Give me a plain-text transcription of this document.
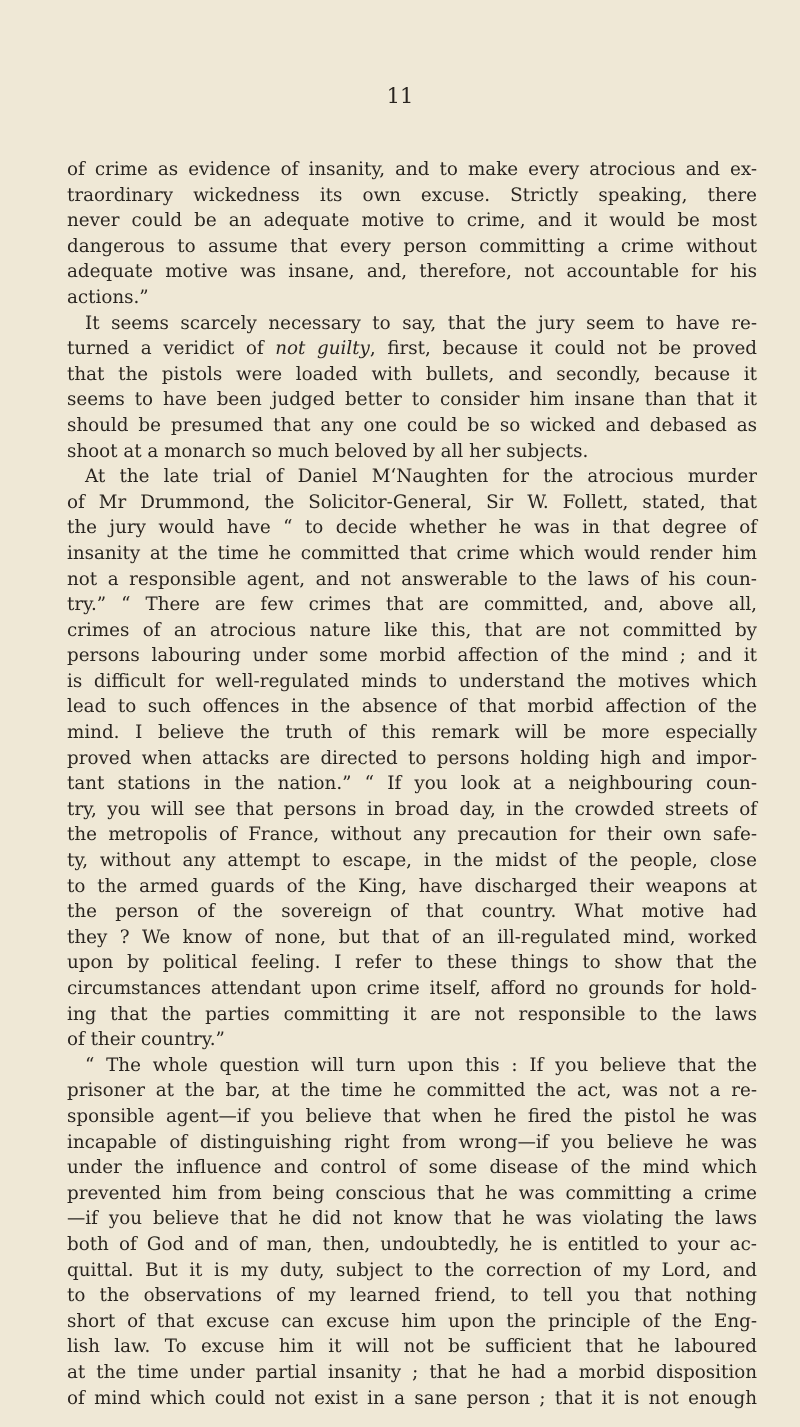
11
of crime as evidence of insanity, and to make every atrocious and ex-
traordinary wickedness its own excuse. Strictly speaking, there
never could be an adequate motive to crime, and it would be most
dangerous to assume that every person committing a crime without
adequate motive was insane, and, therefore, not accountable for his
actions.”
It seems scarcely necessary to say, that the jury seem to have re-
turned a veridict of not guilty, first, because it could not be proved
that the pistols were loaded with bullets, and secondly, because it
seems to have been judged better to consider him insane than that it
should be presumed that any one could be so wicked and debased as
shoot at a monarch so much beloved by all her subjects.
At the late trial of Daniel M‘Naughten for the atrocious murder
of Mr Drummond, the Solicitor-General, Sir W. Follett, stated, that
the jury would have “ to decide whether he was in that degree of
insanity at the time he committed that crime which would render him
not a responsible agent, and not answerable to the laws of his coun-
try.” “ There are few crimes that are committed, and, above all,
crimes of an atrocious nature like this, that are not committed by
persons labouring under some morbid affection of the mind ; and it
is difficult for well-regulated minds to understand the motives which
lead to such offences in the absence of that morbid affection of the
mind. I believe the truth of this remark will be more especially
proved when attacks are directed to persons holding high and impor-
tant stations in the nation.” “ If you look at a neighbouring coun-
try, you will see that persons in broad day, in the crowded streets of
the metropolis of France, without any precaution for their own safe-
ty, without any attempt to escape, in the midst of the people, close
to the armed guards of the King, have discharged their weapons at
the person of the sovereign of that country. What motive had
they ? We know of none, but that of an ill-regulated mind, worked
upon by political feeling. I refer to these things to show that the
circumstances attendant upon crime itself, afford no grounds for hold-
ing that the parties committing it are not responsible to the laws
of their country.”
“ The whole question will turn upon this : If you believe that the
prisoner at the bar, at the time he committed the act, was not a re-
sponsible agent—if you believe that when he fired the pistol he was
incapable of distinguishing right from wrong—if you believe he was
under the influence and control of some disease of the mind which
prevented him from being conscious that he was committing a crime
—if you believe that he did not know that he was violating the laws
both of God and of man, then, undoubtedly, he is entitled to your ac-
quittal. But it is my duty, subject to the correction of my Lord, and
to the observations of my learned friend, to tell you that nothing
short of that excuse can excuse him upon the principle of the Eng-
lish law. To excuse him it will not be sufficient that he laboured
at the time under partial insanity ; that he had a morbid disposition
of mind which could not exist in a sane person ; that it is not enough
